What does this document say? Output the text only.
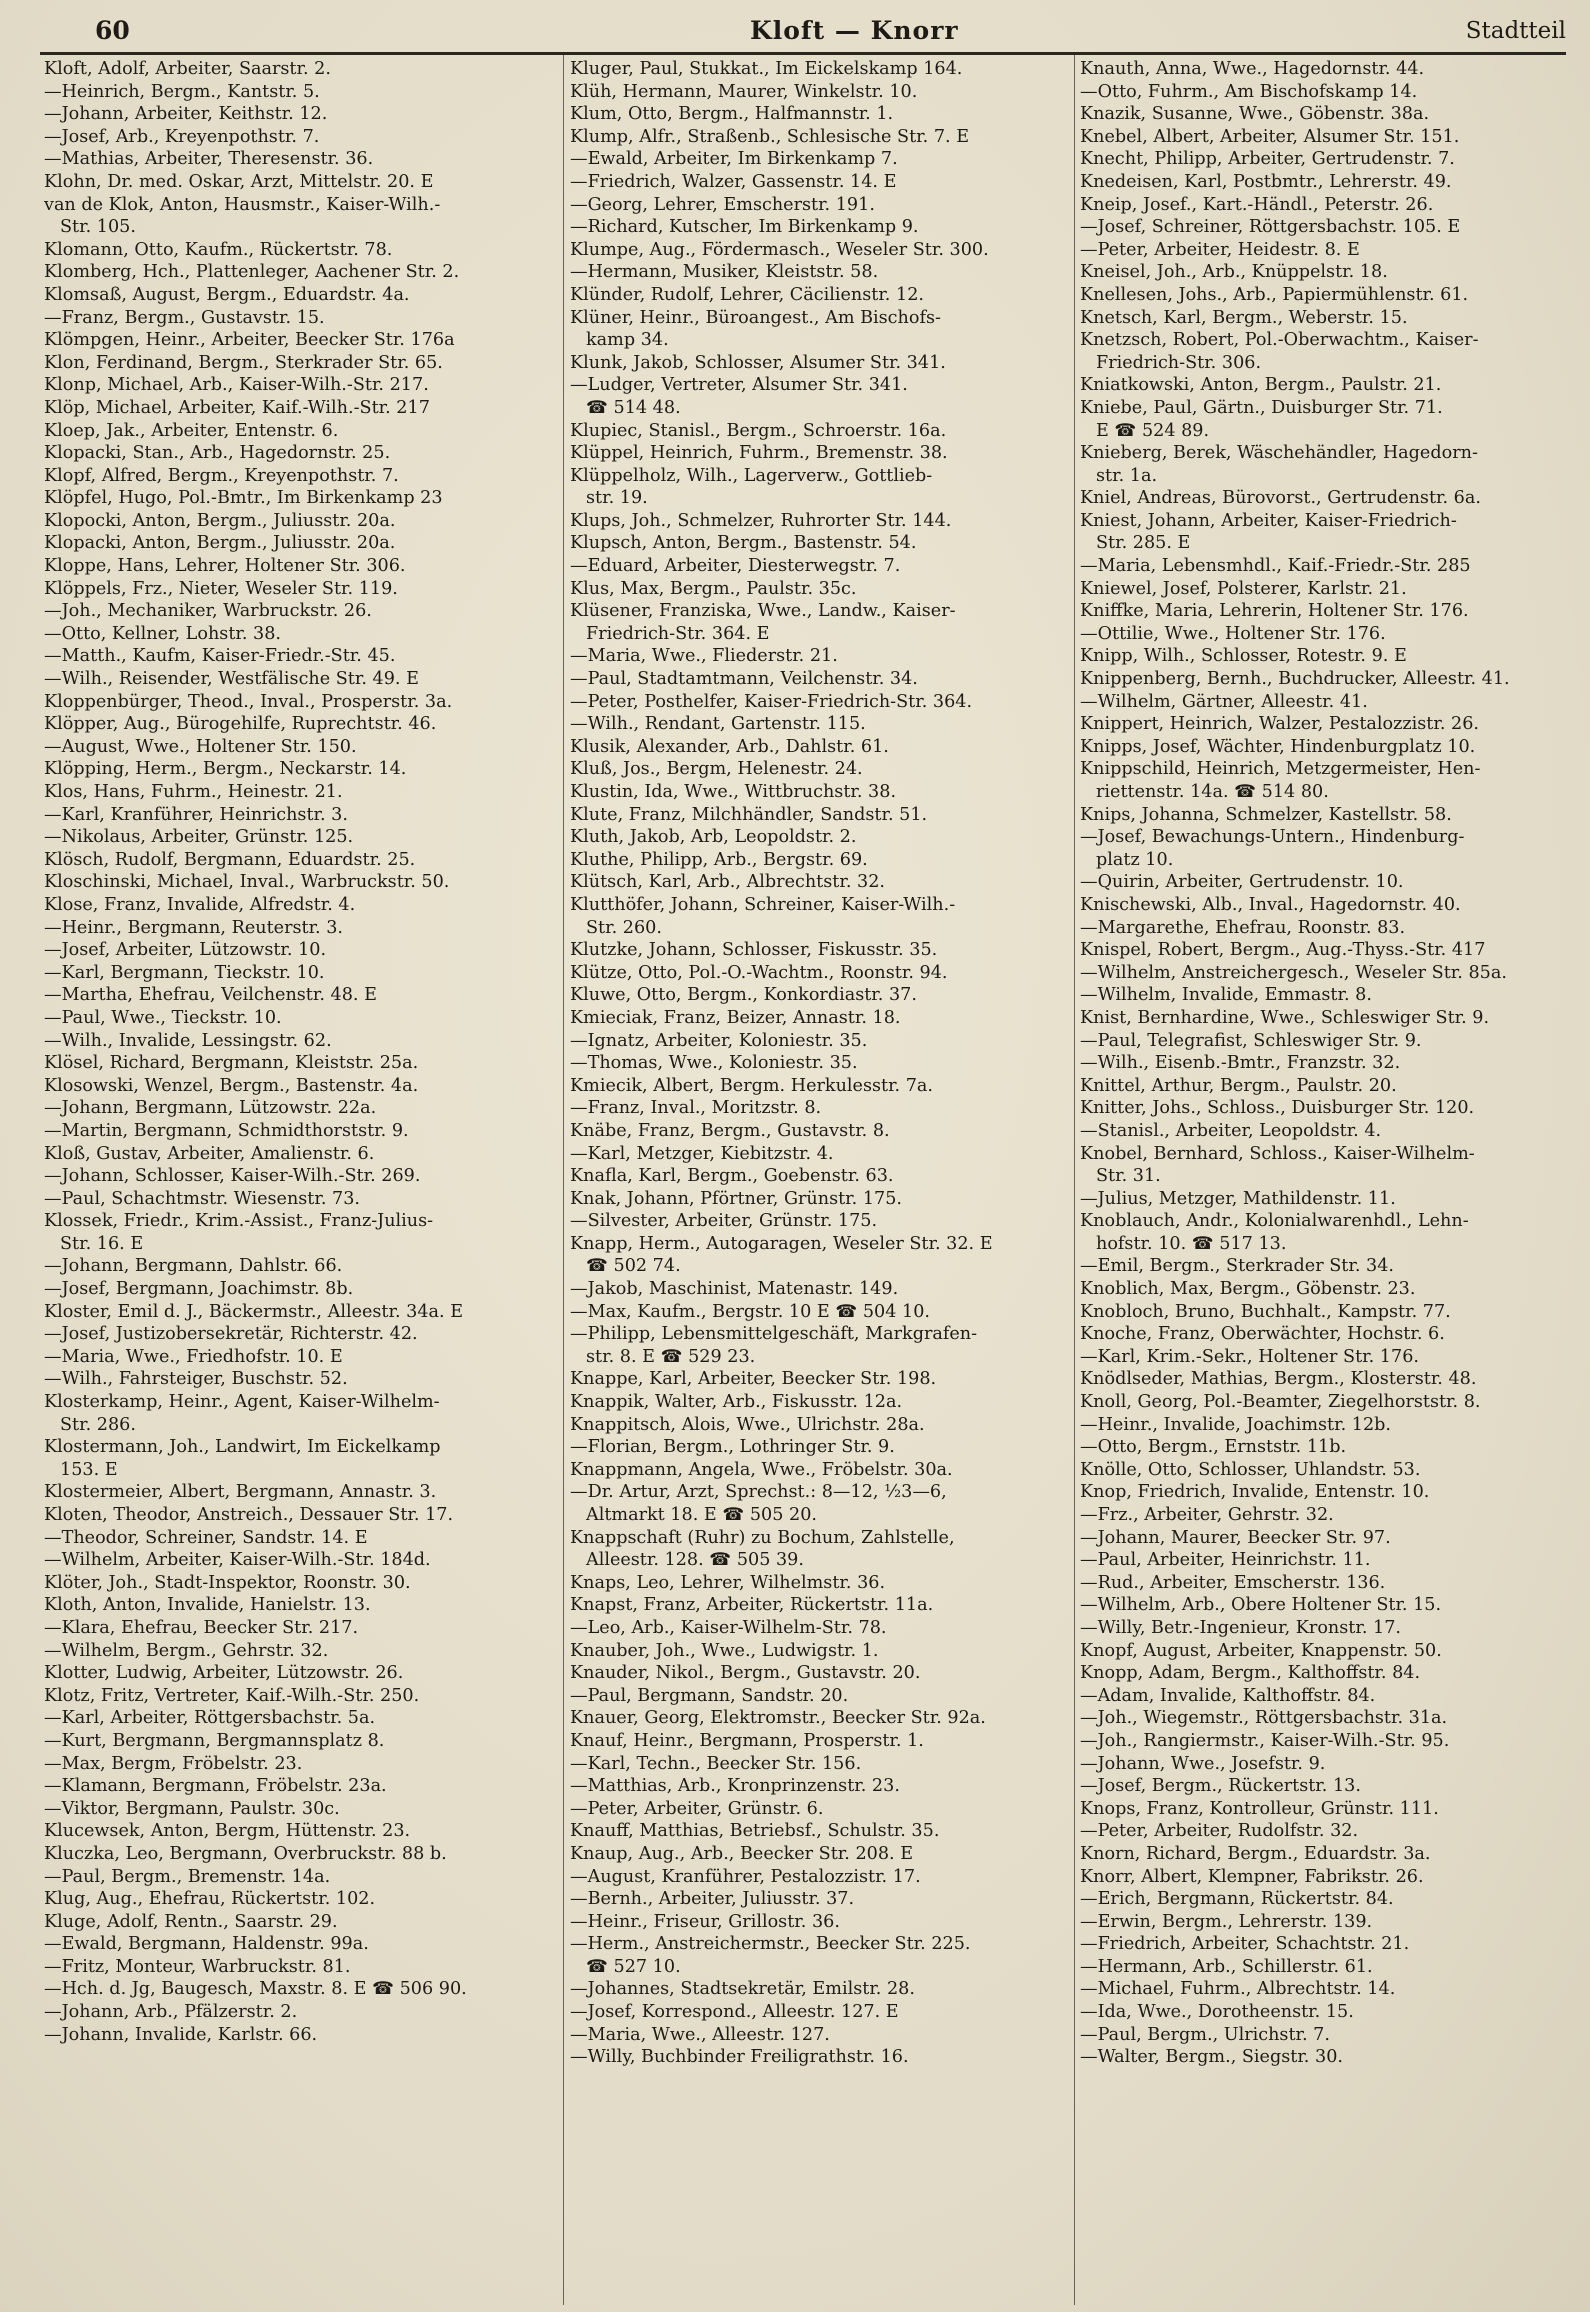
60	Kloft — Knorr	Stadtteil
Kloft, Adolf, Arbeiter, Saarstr. 2.
—Heinrich, Bergm., Kantstr. 5.
—Johann, Arbeiter, Keithstr. 12.
—Josef, Arb., Kreyenpothstr. 7.
—Mathias, Arbeiter, Theresenstr. 36.
Klohn, Dr. med. Oskar, Arzt, Mittelstr. 20. E
van de Klok, Anton, Hausmstr., Kaiser-Wilh.-
Str. 105.
Klomann, Otto, Kaufm., Rückertstr. 78.
Klomberg, Hch., Plattenleger, Aachener Str. 2.
Klomsaß, August, Bergm., Eduardstr. 4a.
—Franz, Bergm., Gustavstr. 15.
Klömpgen, Heinr., Arbeiter, Beecker Str. 176a
Klon, Ferdinand, Bergm., Sterkrader Str. 65.
Klonp, Michael, Arb., Kaiser-Wilh.-Str. 217.
Klöp, Michael, Arbeiter, Kaif.-Wilh.-Str. 217
Kloep, Jak., Arbeiter, Entenstr. 6.
Klopacki, Stan., Arb., Hagedornstr. 25.
Klopf, Alfred, Bergm., Kreyenpothstr. 7.
Klöpfel, Hugo, Pol.-Bmtr., Im Birkenkamp 23
Klopocki, Anton, Bergm., Juliusstr. 20a.
Klopacki, Anton, Bergm., Juliusstr. 20a.
Kloppe, Hans, Lehrer, Holtener Str. 306.
Klöppels, Frz., Nieter, Weseler Str. 119.
—Joh., Mechaniker, Warbruckstr. 26.
—Otto, Kellner, Lohstr. 38.
—Matth., Kaufm, Kaiser-Friedr.-Str. 45.
—Wilh., Reisender, Westfälische Str. 49. E
Kloppenbürger, Theod., Inval., Prosperstr. 3a.
Klöpper, Aug., Bürogehilfe, Ruprechtstr. 46.
—August, Wwe., Holtener Str. 150.
Klöpping, Herm., Bergm., Neckarstr. 14.
Klos, Hans, Fuhrm., Heinestr. 21.
—Karl, Kranführer, Heinrichstr. 3.
—Nikolaus, Arbeiter, Grünstr. 125.
Klösch, Rudolf, Bergmann, Eduardstr. 25.
Kloschinski, Michael, Inval., Warbruckstr. 50.
Klose, Franz, Invalide, Alfredstr. 4.
—Heinr., Bergmann, Reuterstr. 3.
—Josef, Arbeiter, Lützowstr. 10.
—Karl, Bergmann, Tieckstr. 10.
—Martha, Ehefrau, Veilchenstr. 48. E
—Paul, Wwe., Tieckstr. 10.
—Wilh., Invalide, Lessingstr. 62.
Klösel, Richard, Bergmann, Kleiststr. 25a.
Klosowski, Wenzel, Bergm., Bastenstr. 4a.
—Johann, Bergmann, Lützowstr. 22a.
—Martin, Bergmann, Schmidthorststr. 9.
Kloß, Gustav, Arbeiter, Amalienstr. 6.
—Johann, Schlosser, Kaiser-Wilh.-Str. 269.
—Paul, Schachtmstr. Wiesenstr. 73.
Klossek, Friedr., Krim.-Assist., Franz-Julius-
Str. 16. E
—Johann, Bergmann, Dahlstr. 66.
—Josef, Bergmann, Joachimstr. 8b.
Kloster, Emil d. J., Bäckermstr., Alleestr. 34a. E
—Josef, Justizobersekretär, Richterstr. 42.
—Maria, Wwe., Friedhofstr. 10. E
—Wilh., Fahrsteiger, Buschstr. 52.
Klosterkamp, Heinr., Agent, Kaiser-Wilhelm-
Str. 286.
Klostermann, Joh., Landwirt, Im Eickelkamp
153. E
Klostermeier, Albert, Bergmann, Annastr. 3.
Kloten, Theodor, Anstreich., Dessauer Str. 17.
—Theodor, Schreiner, Sandstr. 14. E
—Wilhelm, Arbeiter, Kaiser-Wilh.-Str. 184d.
Klöter, Joh., Stadt-Inspektor, Roonstr. 30.
Kloth, Anton, Invalide, Hanielstr. 13.
—Klara, Ehefrau, Beecker Str. 217.
—Wilhelm, Bergm., Gehrstr. 32.
Klotter, Ludwig, Arbeiter, Lützowstr. 26.
Klotz, Fritz, Vertreter, Kaif.-Wilh.-Str. 250.
—Karl, Arbeiter, Röttgersbachstr. 5a.
—Kurt, Bergmann, Bergmannsplatz 8.
—Max, Bergm, Fröbelstr. 23.
—Klamann, Bergmann, Fröbelstr. 23a.
—Viktor, Bergmann, Paulstr. 30c.
Klucewsek, Anton, Bergm, Hüttenstr. 23.
Kluczka, Leo, Bergmann, Overbruckstr. 88 b.
—Paul, Bergm., Bremenstr. 14a.
Klug, Aug., Ehefrau, Rückertstr. 102.
Kluge, Adolf, Rentn., Saarstr. 29.
—Ewald, Bergmann, Haldenstr. 99a.
—Fritz, Monteur, Warbruckstr. 81.
—Hch. d. Jg, Baugesch, Maxstr. 8. E ☎ 506 90.
—Johann, Arb., Pfälzerstr. 2.
—Johann, Invalide, Karlstr. 66.
Kluger, Paul, Stukkat., Im Eickelskamp 164.
Klüh, Hermann, Maurer, Winkelstr. 10.
Klum, Otto, Bergm., Halfmannstr. 1.
Klump, Alfr., Straßenb., Schlesische Str. 7. E
—Ewald, Arbeiter, Im Birkenkamp 7.
—Friedrich, Walzer, Gassenstr. 14. E
—Georg, Lehrer, Emscherstr. 191.
—Richard, Kutscher, Im Birkenkamp 9.
Klumpe, Aug., Fördermasch., Weseler Str. 300.
—Hermann, Musiker, Kleiststr. 58.
Klünder, Rudolf, Lehrer, Cäcilienstr. 12.
Klüner, Heinr., Büroangest., Am Bischofs-
kamp 34.
Klunk, Jakob, Schlosser, Alsumer Str. 341.
—Ludger, Vertreter, Alsumer Str. 341.
☎ 514 48.
Klupiec, Stanisl., Bergm., Schroerstr. 16a.
Klüppel, Heinrich, Fuhrm., Bremenstr. 38.
Klüppelholz, Wilh., Lagerverw., Gottlieb-
str. 19.
Klups, Joh., Schmelzer, Ruhrorter Str. 144.
Klupsch, Anton, Bergm., Bastenstr. 54.
—Eduard, Arbeiter, Diesterwegstr. 7.
Klus, Max, Bergm., Paulstr. 35c.
Klüsener, Franziska, Wwe., Landw., Kaiser-
Friedrich-Str. 364. E
—Maria, Wwe., Fliederstr. 21.
—Paul, Stadtamtmann, Veilchenstr. 34.
—Peter, Posthelfer, Kaiser-Friedrich-Str. 364.
—Wilh., Rendant, Gartenstr. 115.
Klusik, Alexander, Arb., Dahlstr. 61.
Kluß, Jos., Bergm, Helenestr. 24.
Klustin, Ida, Wwe., Wittbruchstr. 38.
Klute, Franz, Milchhändler, Sandstr. 51.
Kluth, Jakob, Arb, Leopoldstr. 2.
Kluthe, Philipp, Arb., Bergstr. 69.
Klütsch, Karl, Arb., Albrechtstr. 32.
Klutthöfer, Johann, Schreiner, Kaiser-Wilh.-
Str. 260.
Klutzke, Johann, Schlosser, Fiskusstr. 35.
Klütze, Otto, Pol.-O.-Wachtm., Roonstr. 94.
Kluwe, Otto, Bergm., Konkordiastr. 37.
Kmieciak, Franz, Beizer, Annastr. 18.
—Ignatz, Arbeiter, Koloniestr. 35.
—Thomas, Wwe., Koloniestr. 35.
Kmiecik, Albert, Bergm. Herkulesstr. 7a.
—Franz, Inval., Moritzstr. 8.
Knäbe, Franz, Bergm., Gustavstr. 8.
—Karl, Metzger, Kiebitzstr. 4.
Knafla, Karl, Bergm., Goebenstr. 63.
Knak, Johann, Pförtner, Grünstr. 175.
—Silvester, Arbeiter, Grünstr. 175.
Knapp, Herm., Autogaragen, Weseler Str. 32. E
☎ 502 74.
—Jakob, Maschinist, Matenastr. 149.
—Max, Kaufm., Bergstr. 10 E ☎ 504 10.
—Philipp, Lebensmittelgeschäft, Markgrafen-
str. 8. E ☎ 529 23.
Knappe, Karl, Arbeiter, Beecker Str. 198.
Knappik, Walter, Arb., Fiskusstr. 12a.
Knappitsch, Alois, Wwe., Ulrichstr. 28a.
—Florian, Bergm., Lothringer Str. 9.
Knappmann, Angela, Wwe., Fröbelstr. 30a.
—Dr. Artur, Arzt, Sprechst.: 8—12, ½3—6,
Altmarkt 18. E ☎ 505 20.
Knappschaft (Ruhr) zu Bochum, Zahlstelle,
Alleestr. 128. ☎ 505 39.
Knaps, Leo, Lehrer, Wilhelmstr. 36.
Knapst, Franz, Arbeiter, Rückertstr. 11a.
—Leo, Arb., Kaiser-Wilhelm-Str. 78.
Knauber, Joh., Wwe., Ludwigstr. 1.
Knauder, Nikol., Bergm., Gustavstr. 20.
—Paul, Bergmann, Sandstr. 20.
Knauer, Georg, Elektromstr., Beecker Str. 92a.
Knauf, Heinr., Bergmann, Prosperstr. 1.
—Karl, Techn., Beecker Str. 156.
—Matthias, Arb., Kronprinzenstr. 23.
—Peter, Arbeiter, Grünstr. 6.
Knauff, Matthias, Betriebsf., Schulstr. 35.
Knaup, Aug., Arb., Beecker Str. 208. E
—August, Kranführer, Pestalozzistr. 17.
—Bernh., Arbeiter, Juliusstr. 37.
—Heinr., Friseur, Grillostr. 36.
—Herm., Anstreichermstr., Beecker Str. 225.
☎ 527 10.
—Johannes, Stadtsekretär, Emilstr. 28.
—Josef, Korrespond., Alleestr. 127. E
—Maria, Wwe., Alleestr. 127.
—Willy, Buchbinder Freiligrathstr. 16.
Knauth, Anna, Wwe., Hagedornstr. 44.
—Otto, Fuhrm., Am Bischofskamp 14.
Knazik, Susanne, Wwe., Göbenstr. 38a.
Knebel, Albert, Arbeiter, Alsumer Str. 151.
Knecht, Philipp, Arbeiter, Gertrudenstr. 7.
Knedeisen, Karl, Postbmtr., Lehrerstr. 49.
Kneip, Josef., Kart.-Händl., Peterstr. 26.
—Josef, Schreiner, Röttgersbachstr. 105. E
—Peter, Arbeiter, Heidestr. 8. E
Kneisel, Joh., Arb., Knüppelstr. 18.
Knellesen, Johs., Arb., Papiermühlenstr. 61.
Knetsch, Karl, Bergm., Weberstr. 15.
Knetzsch, Robert, Pol.-Oberwachtm., Kaiser-
Friedrich-Str. 306.
Kniatkowski, Anton, Bergm., Paulstr. 21.
Kniebe, Paul, Gärtn., Duisburger Str. 71.
E ☎ 524 89.
Knieberg, Berek, Wäschehändler, Hagedorn-
str. 1a.
Kniel, Andreas, Bürovorst., Gertrudenstr. 6a.
Kniest, Johann, Arbeiter, Kaiser-Friedrich-
Str. 285. E
—Maria, Lebensmhdl., Kaif.-Friedr.-Str. 285
Kniewel, Josef, Polsterer, Karlstr. 21.
Kniffke, Maria, Lehrerin, Holtener Str. 176.
—Ottilie, Wwe., Holtener Str. 176.
Knipp, Wilh., Schlosser, Rotestr. 9. E
Knippenberg, Bernh., Buchdrucker, Alleestr. 41.
—Wilhelm, Gärtner, Alleestr. 41.
Knippert, Heinrich, Walzer, Pestalozzistr. 26.
Knipps, Josef, Wächter, Hindenburgplatz 10.
Knippschild, Heinrich, Metzgermeister, Hen-
riettenstr. 14a. ☎ 514 80.
Knips, Johanna, Schmelzer, Kastellstr. 58.
—Josef, Bewachungs-Untern., Hindenburg-
platz 10.
—Quirin, Arbeiter, Gertrudenstr. 10.
Knischewski, Alb., Inval., Hagedornstr. 40.
—Margarethe, Ehefrau, Roonstr. 83.
Knispel, Robert, Bergm., Aug.-Thyss.-Str. 417
—Wilhelm, Anstreichergesch., Weseler Str. 85a.
—Wilhelm, Invalide, Emmastr. 8.
Knist, Bernhardine, Wwe., Schleswiger Str. 9.
—Paul, Telegrafist, Schleswiger Str. 9.
—Wilh., Eisenb.-Bmtr., Franzstr. 32.
Knittel, Arthur, Bergm., Paulstr. 20.
Knitter, Johs., Schloss., Duisburger Str. 120.
—Stanisl., Arbeiter, Leopoldstr. 4.
Knobel, Bernhard, Schloss., Kaiser-Wilhelm-
Str. 31.
—Julius, Metzger, Mathildenstr. 11.
Knoblauch, Andr., Kolonialwarenhdl., Lehn-
hofstr. 10. ☎ 517 13.
—Emil, Bergm., Sterkrader Str. 34.
Knoblich, Max, Bergm., Göbenstr. 23.
Knobloch, Bruno, Buchhalt., Kampstr. 77.
Knoche, Franz, Oberwächter, Hochstr. 6.
—Karl, Krim.-Sekr., Holtener Str. 176.
Knödlseder, Mathias, Bergm., Klosterstr. 48.
Knoll, Georg, Pol.-Beamter, Ziegelhorststr. 8.
—Heinr., Invalide, Joachimstr. 12b.
—Otto, Bergm., Ernststr. 11b.
Knölle, Otto, Schlosser, Uhlandstr. 53.
Knop, Friedrich, Invalide, Entenstr. 10.
—Frz., Arbeiter, Gehrstr. 32.
—Johann, Maurer, Beecker Str. 97.
—Paul, Arbeiter, Heinrichstr. 11.
—Rud., Arbeiter, Emscherstr. 136.
—Wilhelm, Arb., Obere Holtener Str. 15.
—Willy, Betr.-Ingenieur, Kronstr. 17.
Knopf, August, Arbeiter, Knappenstr. 50.
Knopp, Adam, Bergm., Kalthoffstr. 84.
—Adam, Invalide, Kalthoffstr. 84.
—Joh., Wiegemstr., Röttgersbachstr. 31a.
—Joh., Rangiermstr., Kaiser-Wilh.-Str. 95.
—Johann, Wwe., Josefstr. 9.
—Josef, Bergm., Rückertstr. 13.
Knops, Franz, Kontrolleur, Grünstr. 111.
—Peter, Arbeiter, Rudolfstr. 32.
Knorn, Richard, Bergm., Eduardstr. 3a.
Knorr, Albert, Klempner, Fabrikstr. 26.
—Erich, Bergmann, Rückertstr. 84.
—Erwin, Bergm., Lehrerstr. 139.
—Friedrich, Arbeiter, Schachtstr. 21.
—Hermann, Arb., Schillerstr. 61.
—Michael, Fuhrm., Albrechtstr. 14.
—Ida, Wwe., Dorotheenstr. 15.
—Paul, Bergm., Ulrichstr. 7.
—Walter, Bergm., Siegstr. 30.
